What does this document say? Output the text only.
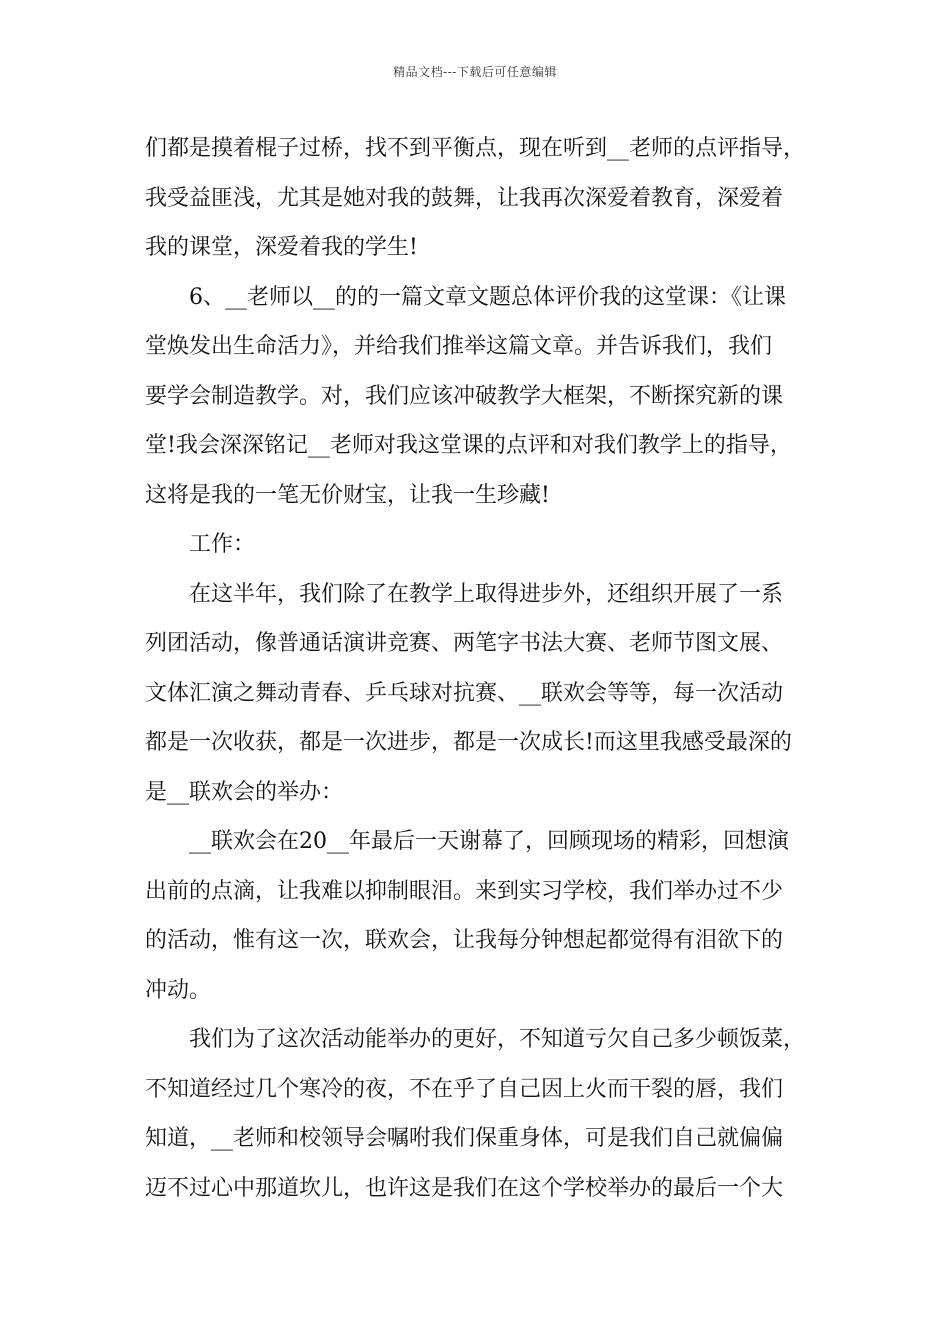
精品文档---下载后可任意编辑
们都是摸着棍子过桥，找不到平衡点，现在听到__老师的点评指导，
我受益匪浅，尤其是她对我的鼓舞，让我再次深爱着教育，深爱着
我的课堂，深爱着我的学生!
6、__老师以__的的一篇文章文题总体评价我的这堂课：《让课
堂焕发出生命活力》，并给我们推举这篇文章。并告诉我们，我们
要学会制造教学。对，我们应该冲破教学大框架，不断探究新的课
堂!我会深深铭记__老师对我这堂课的点评和对我们教学上的指导，
这将是我的一笔无价财宝，让我一生珍藏!
工作：
在这半年，我们除了在教学上取得进步外，还组织开展了一系
列团活动，像普通话演讲竞赛、两笔字书法大赛、老师节图文展、
文体汇演之舞动青春、乒乓球对抗赛、__联欢会等等，每一次活动
都是一次收获，都是一次进步，都是一次成长!而这里我感受最深的
是__联欢会的举办：
__联欢会在20__年最后一天谢幕了，回顾现场的精彩，回想演
出前的点滴，让我难以抑制眼泪。来到实习学校，我们举办过不少
的活动，惟有这一次，联欢会，让我每分钟想起都觉得有泪欲下的
冲动。
我们为了这次活动能举办的更好，不知道亏欠自己多少顿饭菜，
不知道经过几个寒冷的夜，不在乎了自己因上火而干裂的唇，我们
知道，__老师和校领导会嘱咐我们保重身体，可是我们自己就偏偏
迈不过心中那道坎儿，也许这是我们在这个学校举办的最后一个大
